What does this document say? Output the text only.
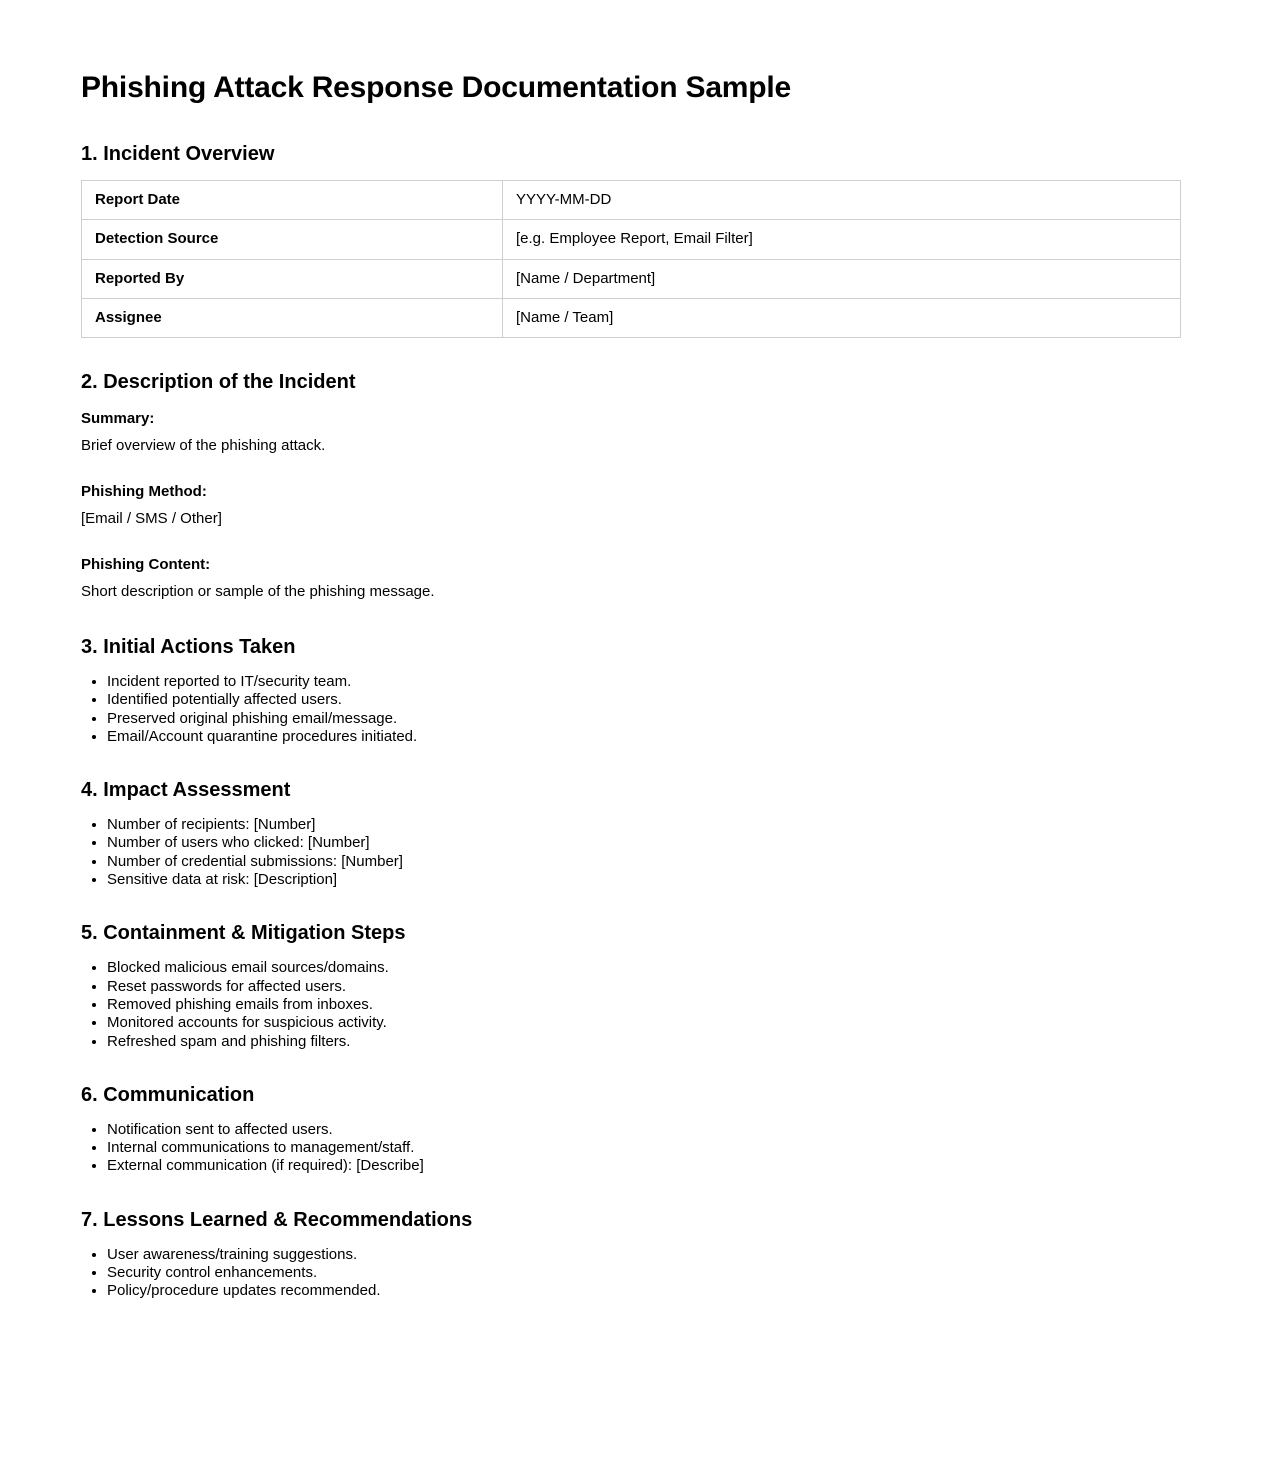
Phishing Attack Response Documentation Sample
1. Incident Overview
Report Date	YYYY-MM-DD
Detection Source	[e.g. Employee Report, Email Filter]
Reported By	[Name / Department]
Assignee	[Name / Team]
2. Description of the Incident

Summary:

Brief overview of the phishing attack.

Phishing Method:

[Email / SMS / Other]

Phishing Content:

Short description or sample of the phishing message.

3. Initial Actions Taken
• Incident reported to IT/security team.
• Identified potentially affected users.
• Preserved original phishing email/message.
• Email/Account quarantine procedures initiated.
4. Impact Assessment
• Number of recipients: [Number]
• Number of users who clicked: [Number]
• Number of credential submissions: [Number]
• Sensitive data at risk: [Description]
5. Containment & Mitigation Steps
• Blocked malicious email sources/domains.
• Reset passwords for affected users.
• Removed phishing emails from inboxes.
• Monitored accounts for suspicious activity.
• Refreshed spam and phishing filters.
6. Communication
• Notification sent to affected users.
• Internal communications to management/staff.
• External communication (if required): [Describe]
7. Lessons Learned & Recommendations
• User awareness/training suggestions.
• Security control enhancements.
• Policy/procedure updates recommended.
